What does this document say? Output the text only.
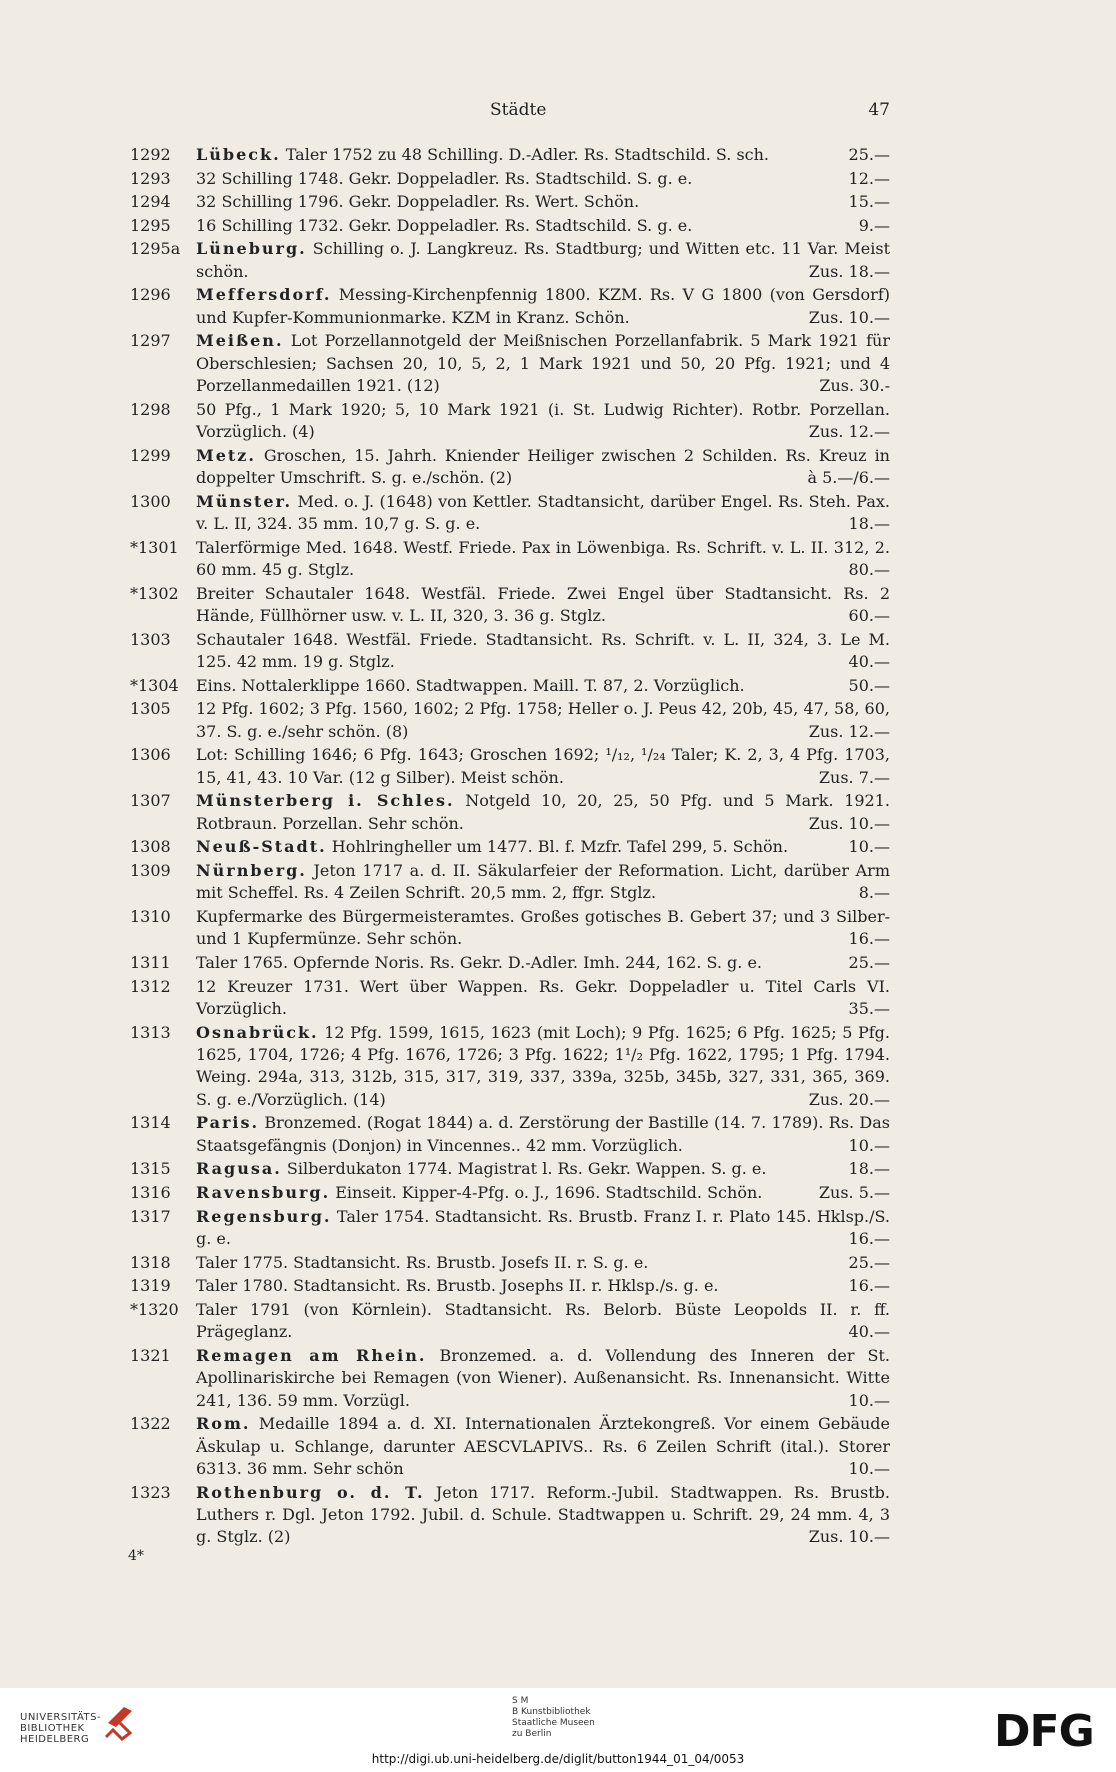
Städte	47
1292	Lübeck. Taler 1752 zu 48 Schilling. D.-Adler. Rs. Stadtschild. S. sch.	25.—
1293	32 Schilling 1748. Gekr. Doppeladler. Rs. Stadtschild. S. g. e.	12.—
1294	32 Schilling 1796. Gekr. Doppeladler. Rs. Wert. Schön.	15.—
1295	16 Schilling 1732. Gekr. Doppeladler. Rs. Stadtschild. S. g. e.	9.—
1295a Lüneburg. Schilling o. J. Langkreuz. Rs. Stadtburg; und Witten etc. 11 Var. Meist schön.	Zus. 18.—
1296	Meffersdorf. Messing-Kirchenpfennig 1800. KZM. Rs. V G 1800 (von Gersdorf) und Kupfer-Kommunionmarke. KZM in Kranz. Schön.	Zus. 10.—
1297	Meißen. Lot Porzellannotgeld der Meißnischen Porzellanfabrik. 5 Mark 1921 für Oberschlesien; Sachsen 20, 10, 5, 2, 1 Mark 1921 und 50, 20 Pfg. 1921; und 4 Porzellanmedaillen 1921. (12)	Zus. 30.-
1298	50 Pfg., 1 Mark 1920; 5, 10 Mark 1921 (i. St. Ludwig Richter). Rotbr. Porzellan. Vorzüglich. (4)	Zus. 12.—
1299	Metz. Groschen, 15. Jahrh. Kniender Heiliger zwischen 2 Schilden. Rs. Kreuz in doppelter Umschrift. S. g. e./schön. (2)	à 5.—/6.—
1300	Münster. Med. o. J. (1648) von Kettler. Stadtansicht, darüber Engel. Rs. Steh. Pax. v. L. II, 324. 35 mm. 10,7 g. S. g. e.	18.—
*1301	Talerförmige Med. 1648. Westf. Friede. Pax in Löwenbiga. Rs. Schrift. v. L. II. 312, 2. 60 mm. 45 g. Stglz.	80.—
*1302	Breiter Schautaler 1648. Westfäl. Friede. Zwei Engel über Stadtansicht. Rs. 2 Hände, Füllhörner usw. v. L. II, 320, 3. 36 g. Stglz.	60.—
1303	Schautaler 1648. Westfäl. Friede. Stadtansicht. Rs. Schrift. v. L. II, 324, 3. Le M. 125. 42 mm. 19 g. Stglz.	40.—
*1304	Eins. Nottalerklippe 1660. Stadtwappen. Maill. T. 87, 2. Vorzüglich.	50.—
1305	12 Pfg. 1602; 3 Pfg. 1560, 1602; 2 Pfg. 1758; Heller o. J. Peus 42, 20b, 45, 47, 58, 60, 37. S. g. e./sehr schön. (8)	Zus. 12.—
1306	Lot: Schilling 1646; 6 Pfg. 1643; Groschen 1692; ¹/₁₂, ¹/₂₄ Taler; K. 2, 3, 4 Pfg. 1703, 15, 41, 43. 10 Var. (12 g Silber). Meist schön.	Zus. 7.—
1307	Münsterberg i. Schles. Notgeld 10, 20, 25, 50 Pfg. und 5 Mark. 1921. Rotbraun. Porzellan. Sehr schön.	Zus. 10.—
1308	Neuß-Stadt. Hohlringheller um 1477. Bl. f. Mzfr. Tafel 299, 5. Schön.	10.—
1309	Nürnberg. Jeton 1717 a. d. II. Säkularfeier der Reformation. Licht, darüber Arm mit Scheffel. Rs. 4 Zeilen Schrift. 20,5 mm. 2, ffgr. Stglz.	8.—
1310	Kupfermarke des Bürgermeisteramtes. Großes gotisches B. Gebert 37; und 3 Silber- und 1 Kupfermünze. Sehr schön.	16.—
1311	Taler 1765. Opfernde Noris. Rs. Gekr. D.-Adler. Imh. 244, 162. S. g. e.	25.—
1312	12 Kreuzer 1731. Wert über Wappen. Rs. Gekr. Doppeladler u. Titel Carls VI. Vorzüglich.	35.—
1313	Osnabrück. 12 Pfg. 1599, 1615, 1623 (mit Loch); 9 Pfg. 1625; 6 Pfg. 1625; 5 Pfg. 1625, 1704, 1726; 4 Pfg. 1676, 1726; 3 Pfg. 1622; 1¹/₂ Pfg. 1622, 1795; 1 Pfg. 1794. Weing. 294a, 313, 312b, 315, 317, 319, 337, 339a, 325b, 345b, 327, 331, 365, 369. S. g. e./Vorzüglich. (14)	Zus. 20.—
1314	Paris. Bronzemed. (Rogat 1844) a. d. Zerstörung der Bastille (14. 7. 1789). Rs. Das Staatsgefängnis (Donjon) in Vincennes.. 42 mm. Vorzüglich.	10.—
1315	Ragusa. Silberdukaton 1774. Magistrat l. Rs. Gekr. Wappen. S. g. e.	18.—
1316	Ravensburg. Einseit. Kipper-4-Pfg. o. J., 1696. Stadtschild. Schön.	Zus. 5.—
1317	Regensburg. Taler 1754. Stadtansicht. Rs. Brustb. Franz I. r. Plato 145. Hklsp./S. g. e.	16.—
1318	Taler 1775. Stadtansicht. Rs. Brustb. Josefs II. r. S. g. e.	25.—
1319	Taler 1780. Stadtansicht. Rs. Brustb. Josephs II. r. Hklsp./s. g. e.	16.—
*1320	Taler 1791 (von Körnlein). Stadtansicht. Rs. Belorb. Büste Leopolds II. r. ff. Prägeglanz.	40.—
1321	Remagen am Rhein. Bronzemed. a. d. Vollendung des Inneren der St. Apollinariskirche bei Remagen (von Wiener). Außenansicht. Rs. Innenansicht. Witte 241, 136. 59 mm. Vorzügl.	10.—
1322	Rom. Medaille 1894 a. d. XI. Internationalen Ärztekongreß. Vor einem Gebäude Äskulap u. Schlange, darunter AESCVLAPIVS.. Rs. 6 Zeilen Schrift (ital.). Storer 6313. 36 mm. Sehr schön	10.—
1323	Rothenburg o. d. T. Jeton 1717. Reform.-Jubil. Stadtwappen. Rs. Brustb. Luthers r. Dgl. Jeton 1792. Jubil. d. Schule. Stadtwappen u. Schrift. 29, 24 mm. 4, 3 g. Stglz. (2)	Zus. 10.—
4*
UNIVERSITÄTS-
BIBLIOTHEK
HEIDELBERG
S M
B Kunstbibliothek
Staatliche Museen
zu Berlin	DFG
http://digi.ub.uni-heidelberg.de/diglit/button1944_01_04/0053
